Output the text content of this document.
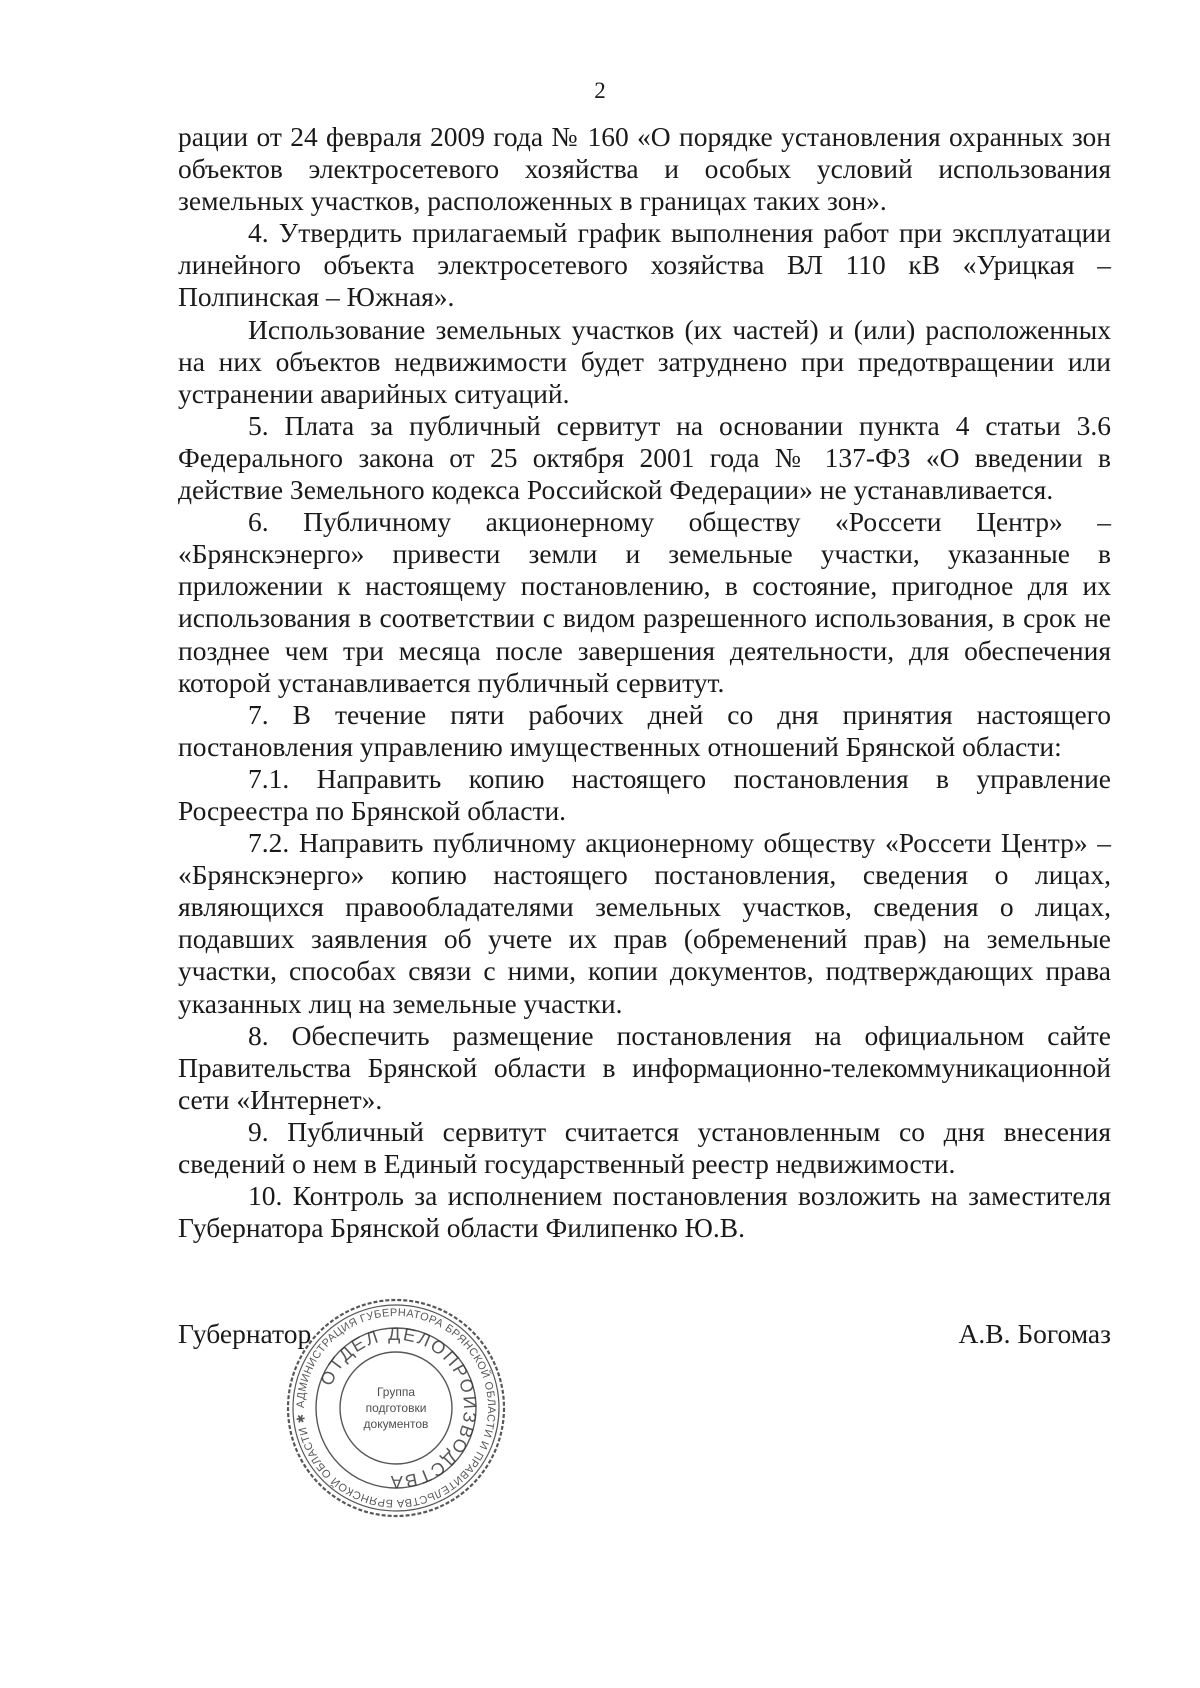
2

рации от 24 февраля 2009 года № 160 «О порядке установления охранных зон объектов электросетевого хозяйства и особых условий использования земельных участков, расположенных в границах таких зон».

4. Утвердить прилагаемый график выполнения работ при эксплуатации линейного объекта электросетевого хозяйства ВЛ 110 кВ «Урицкая – Полпинская – Южная».

Использование земельных участков (их частей) и (или) расположенных на них объектов недвижимости будет затруднено при предотвращении или устранении аварийных ситуаций.

5. Плата за публичный сервитут на основании пункта 4 статьи 3.6 Федерального закона от 25 октября 2001 года № 137-ФЗ «О введении в действие Земельного кодекса Российской Федерации» не устанавливается.

6. Публичному акционерному обществу «Россети Центр» – «Брянскэнерго» привести земли и земельные участки, указанные в приложении к настоящему постановлению, в состояние, пригодное для их использования в соответствии с видом разрешенного использования, в срок не позднее чем три месяца после завершения деятельности, для обеспечения которой устанавливается публичный сервитут.

7. В течение пяти рабочих дней со дня принятия настоящего постановления управлению имущественных отношений Брянской области:

7.1. Направить копию настоящего постановления в управление Росреестра по Брянской области.

7.2. Направить публичному акционерному обществу «Россети Центр» – «Брянскэнерго» копию настоящего постановления, сведения о лицах, являющихся правообладателями земельных участков, сведения о лицах, подавших заявления об учете их прав (обременений прав) на земельные участки, способах связи с ними, копии документов, подтверждающих права указанных лиц на земельные участки.

8. Обеспечить размещение постановления на официальном сайте Правительства Брянской области в информационно-телекоммуникационной сети «Интернет».

9. Публичный сервитут считается установленным со дня внесения сведений о нем в Единый государственный реестр недвижимости.

10. Контроль за исполнением постановления возложить на заместителя Губернатора Брянской области Филипенко Ю.В.

Губернатор	А.В. Богомаз
АДМИНИСТРАЦИЯ ГУБЕРНАТОРА БРЯНСКОЙ ОБЛАСТИ И ПРАВИТЕЛЬСТВА БРЯНСКОЙ ОБЛАСТИ ✱
ОТДЕЛ ДЕЛОПРОИЗВОДСТВА
Группа
подготовки
документов
